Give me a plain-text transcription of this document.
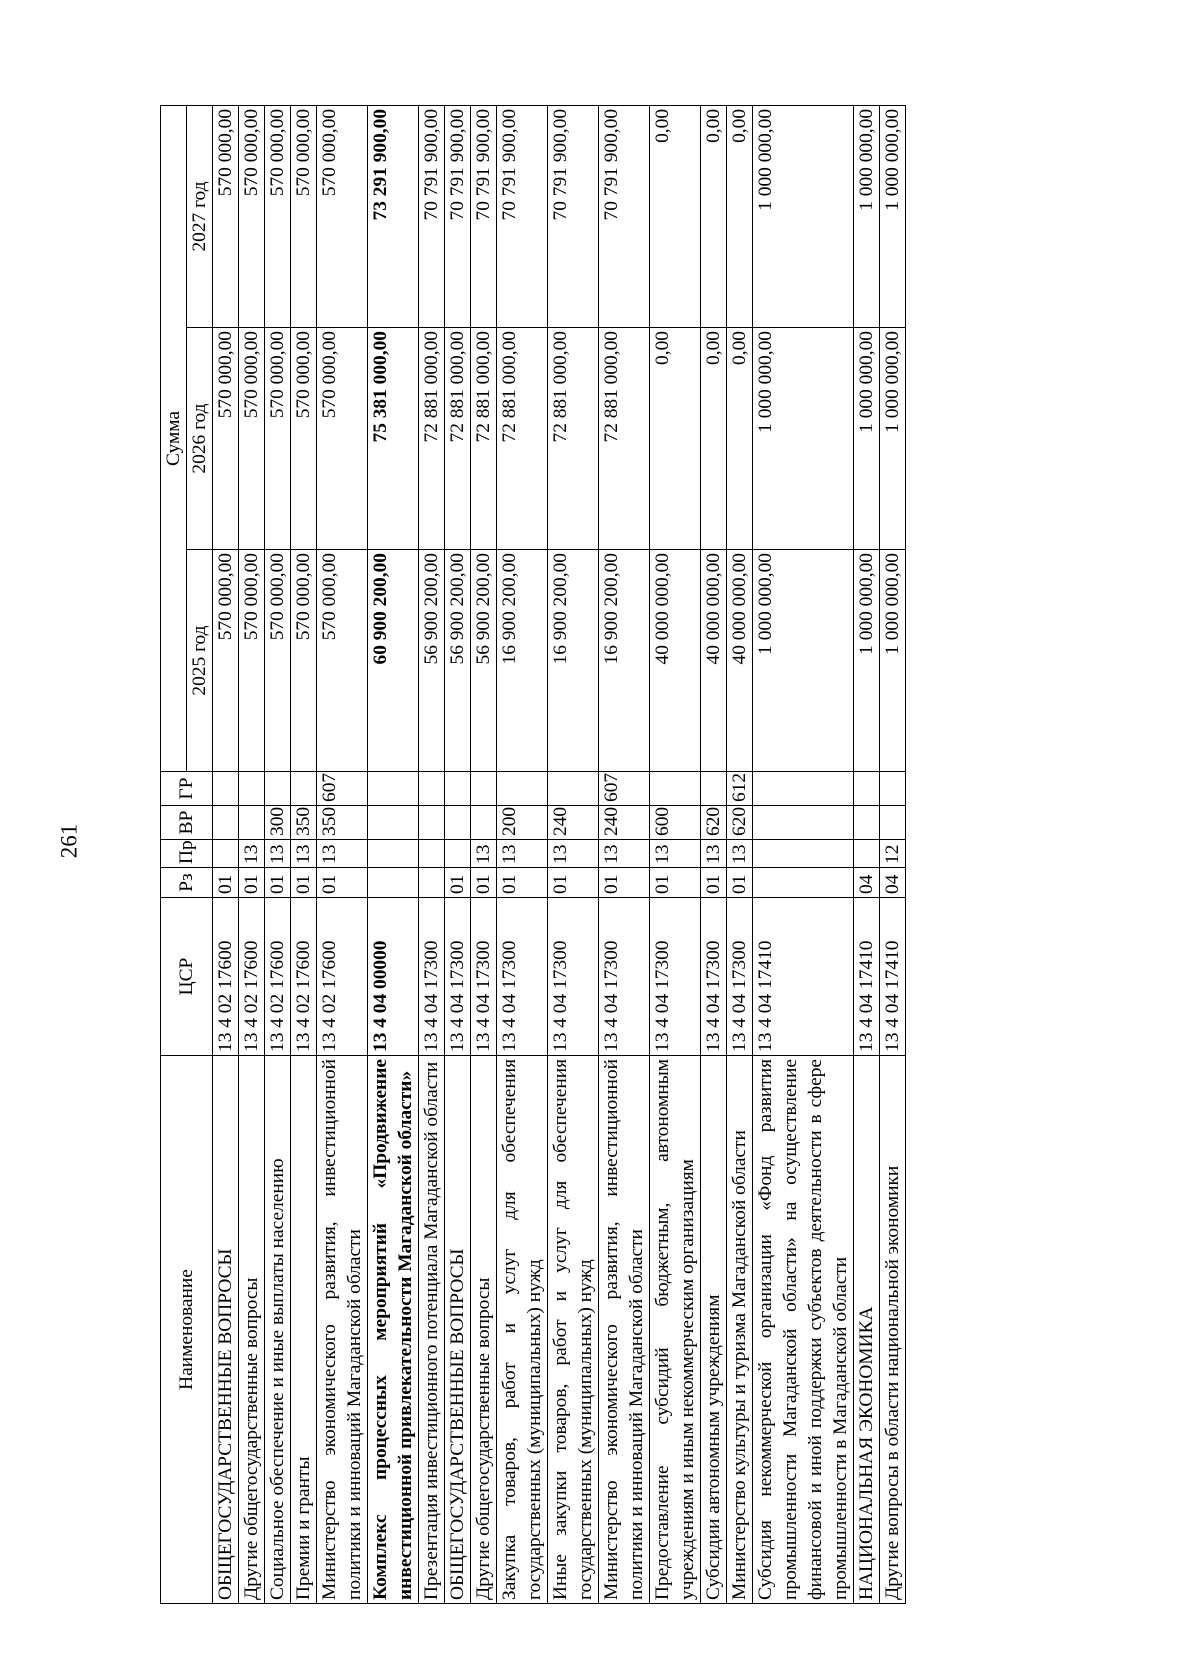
261
Наименование	ЦСР	Рз	Пр	ВР	ГР	Сумма		
						2025 год	2026 год	2027 год
ОБЩЕГОСУДАРСТВЕННЫЕ ВОПРОСЫ	13 4 02 17600	01				570 000,00	570 000,00	570 000,00
Другие общегосударственные вопросы	13 4 02 17600	01	13			570 000,00	570 000,00	570 000,00
Социальное обеспечение и иные выплаты населению	13 4 02 17600	01	13	300		570 000,00	570 000,00	570 000,00
Премии и гранты	13 4 02 17600	01	13	350		570 000,00	570 000,00	570 000,00
Министерство экономического развития, инвестиционной политики и инноваций Магаданской области	13 4 02 17600	01	13	350	607	570 000,00	570 000,00	570 000,00
Комплекс процессных мероприятий «Продвижение инвестиционной привлекательности Магаданской области»	13 4 04 00000					60 900 200,00	75 381 000,00	73 291 900,00
Презентация инвестиционного потенциала Магаданской области	13 4 04 17300					56 900 200,00	72 881 000,00	70 791 900,00
ОБЩЕГОСУДАРСТВЕННЫЕ ВОПРОСЫ	13 4 04 17300	01				56 900 200,00	72 881 000,00	70 791 900,00
Другие общегосударственные вопросы	13 4 04 17300	01	13			56 900 200,00	72 881 000,00	70 791 900,00
Закупка товаров, работ и услуг для обеспечения государственных (муниципальных) нужд	13 4 04 17300	01	13	200		16 900 200,00	72 881 000,00	70 791 900,00
Иные закупки товаров, работ и услуг для обеспечения государственных (муниципальных) нужд	13 4 04 17300	01	13	240		16 900 200,00	72 881 000,00	70 791 900,00
Министерство экономического развития, инвестиционной политики и инноваций Магаданской области	13 4 04 17300	01	13	240	607	16 900 200,00	72 881 000,00	70 791 900,00
Предоставление субсидий бюджетным, автономным учреждениям и иным некоммерческим организациям	13 4 04 17300	01	13	600		40 000 000,00	0,00	0,00
Субсидии автономным учреждениям	13 4 04 17300	01	13	620		40 000 000,00	0,00	0,00
Министерство культуры и туризма Магаданской области	13 4 04 17300	01	13	620	612	40 000 000,00	0,00	0,00
Субсидия некоммерческой организации «Фонд развития промышленности Магаданской области» на осуществление финансовой и иной поддержки субъектов деятельности в сфере промышленности в Магаданской области	13 4 04 17410					1 000 000,00	1 000 000,00	1 000 000,00
НАЦИОНАЛЬНАЯ ЭКОНОМИКА	13 4 04 17410	04				1 000 000,00	1 000 000,00	1 000 000,00
Другие вопросы в области национальной экономики	13 4 04 17410	04	12			1 000 000,00	1 000 000,00	1 000 000,00
